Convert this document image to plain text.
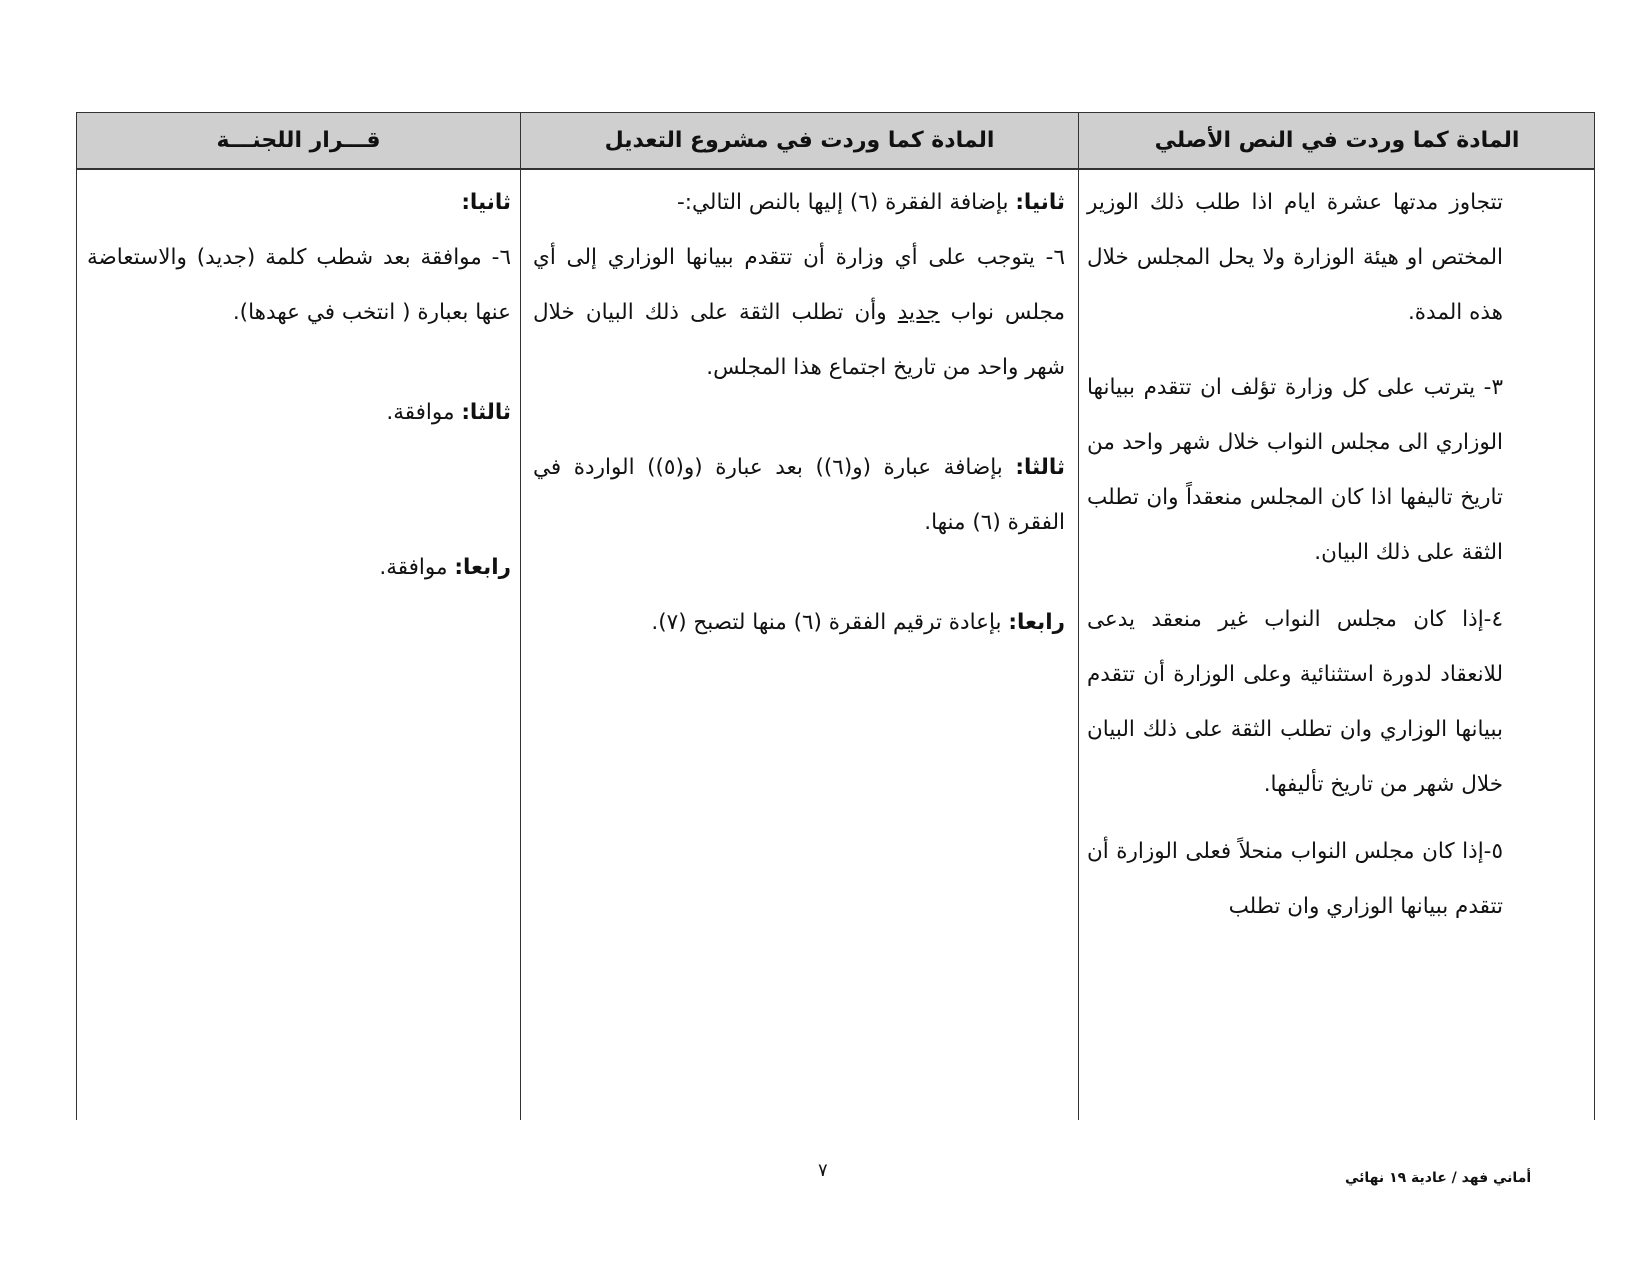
المادة كما وردت في النص الأصلي
المادة كما وردت في مشروع التعديل
قـــرار اللجنـــة

تتجاوز مدتها عشرة ايام اذا طلب ذلك الوزير المختص او هيئة الوزارة ولا يحل المجلس خلال هذه المدة.

٣- يترتب على كل وزارة تؤلف ان تتقدم ببيانها الوزاري الى مجلس النواب خلال شهر واحد من تاريخ تاليفها اذا كان المجلس منعقداً وان تطلب الثقة على ذلك البيان.

٤-إذا كان مجلس النواب غير منعقد يدعى للانعقاد لدورة استثنائية وعلى الوزارة أن تتقدم ببيانها الوزاري وان تطلب الثقة على ذلك البيان خلال شهر من تاريخ تأليفها.

٥-إذا كان مجلس النواب منحلاً فعلى الوزارة أن تتقدم ببيانها الوزاري وان تطلب

ثانيا: بإضافة الفقرة (٦) إليها بالنص التالي:-

٦- يتوجب على أي وزارة أن تتقدم ببيانها الوزاري إلى أي مجلس نواب جديد وأن تطلب الثقة على ذلك البيان خلال شهر واحد من تاريخ اجتماع هذا المجلس.

ثالثا: بإضافة عبارة (و(٦)) بعد عبارة (و(٥)) الواردة في الفقرة (٦) منها.

رابعا: بإعادة ترقيم الفقرة (٦) منها لتصبح (٧).

ثانيا:

٦- موافقة بعد شطب كلمة (جديد) والاستعاضة عنها بعبارة ( انتخب في عهدها).

ثالثا: موافقة.

رابعا: موافقة.

٧	أماني فهد / عادية ١٩ نهائي
